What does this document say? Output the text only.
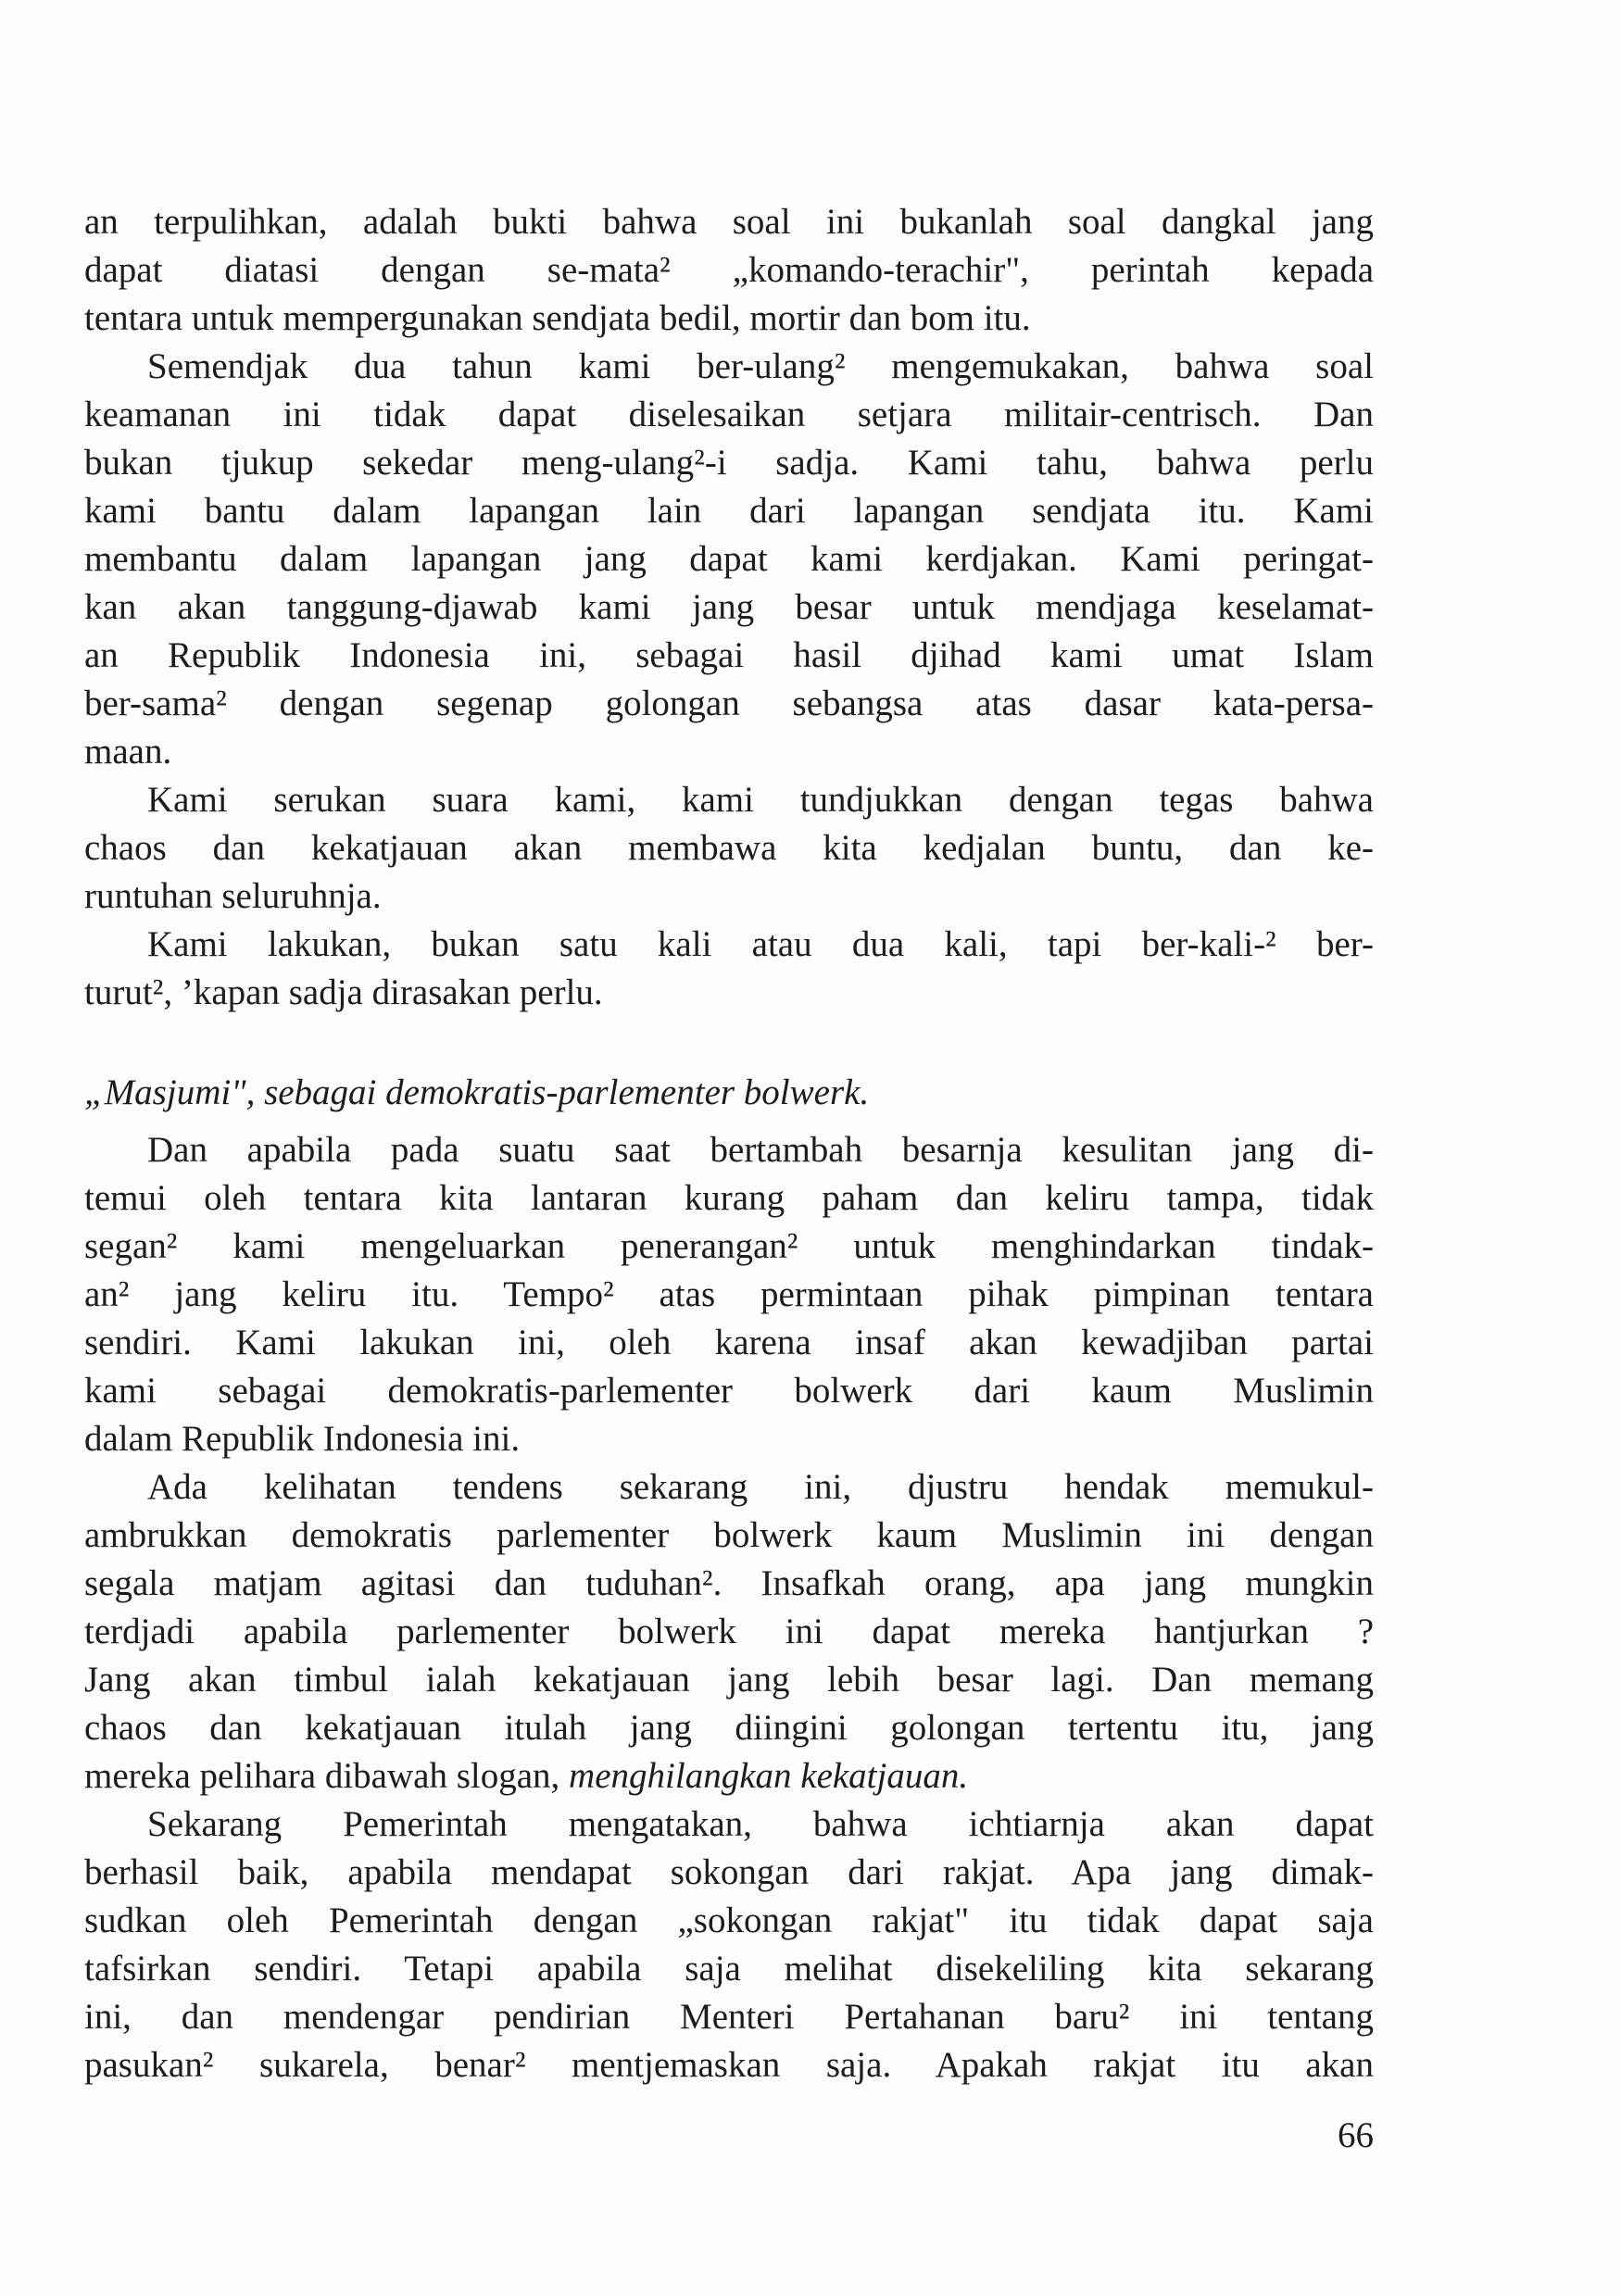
an terpulihkan, adalah bukti bahwa soal ini bukanlah soal dangkal jang
dapat diatasi dengan se-mata² „komando-terachir", perintah kepada
tentara untuk mempergunakan sendjata bedil, mortir dan bom itu.
Semendjak dua tahun kami ber-ulang² mengemukakan, bahwa soal
keamanan ini tidak dapat diselesaikan setjara militair-centrisch. Dan
bukan tjukup sekedar meng-ulang²-i sadja. Kami tahu, bahwa perlu
kami bantu dalam lapangan lain dari lapangan sendjata itu. Kami
membantu dalam lapangan jang dapat kami kerdjakan. Kami peringat-
kan akan tanggung-djawab kami jang besar untuk mendjaga keselamat-
an Republik Indonesia ini, sebagai hasil djihad kami umat Islam
ber-sama² dengan segenap golongan sebangsa atas dasar kata-persa-
maan.
Kami serukan suara kami, kami tundjukkan dengan tegas bahwa
chaos dan kekatjauan akan membawa kita kedjalan buntu, dan ke-
runtuhan seluruhnja.
Kami lakukan, bukan satu kali atau dua kali, tapi ber-kali-² ber-
turut², ’kapan sadja dirasakan perlu.
„Masjumi", sebagai demokratis-parlementer bolwerk.
Dan apabila pada suatu saat bertambah besarnja kesulitan jang di-
temui oleh tentara kita lantaran kurang paham dan keliru tampa, tidak
segan² kami mengeluarkan penerangan² untuk menghindarkan tindak-
an² jang keliru itu. Tempo² atas permintaan pihak pimpinan tentara
sendiri. Kami lakukan ini, oleh karena insaf akan kewadjiban partai
kami sebagai demokratis-parlementer bolwerk dari kaum Muslimin
dalam Republik Indonesia ini.
Ada kelihatan tendens sekarang ini, djustru hendak memukul-
ambrukkan demokratis parlementer bolwerk kaum Muslimin ini dengan
segala matjam agitasi dan tuduhan². Insafkah orang, apa jang mungkin
terdjadi apabila parlementer bolwerk ini dapat mereka hantjurkan ?
Jang akan timbul ialah kekatjauan jang lebih besar lagi. Dan memang
chaos dan kekatjauan itulah jang diingini golongan tertentu itu, jang
mereka pelihara dibawah slogan, menghilangkan kekatjauan.
Sekarang Pemerintah mengatakan, bahwa ichtiarnja akan dapat
berhasil baik, apabila mendapat sokongan dari rakjat. Apa jang dimak-
sudkan oleh Pemerintah dengan „sokongan rakjat" itu tidak dapat saja
tafsirkan sendiri. Tetapi apabila saja melihat disekeliling kita sekarang
ini, dan mendengar pendirian Menteri Pertahanan baru² ini tentang
pasukan² sukarela, benar² mentjemaskan saja. Apakah rakjat itu akan
66
